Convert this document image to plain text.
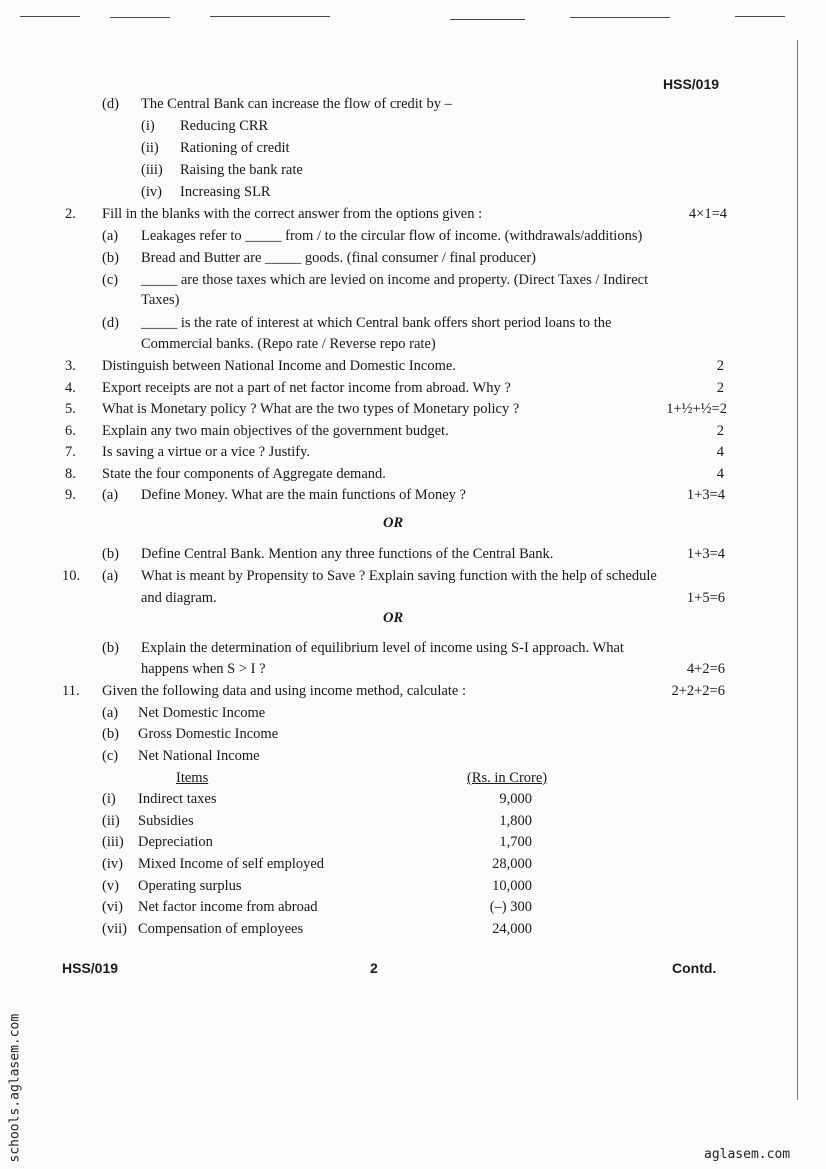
HSS/019
(d) The Central Bank can increase the flow of credit by –
(i) Reducing CRR
(ii) Rationing of credit
(iii) Raising the bank rate
(iv) Increasing SLR
2. Fill in the blanks with the correct answer from the options given :	4×1=4
(a) Leakages refer to _____ from / to the circular flow of income. (withdrawals/additions)
(b) Bread and Butter are _____ goods. (final consumer / final producer)
(c) _____ are those taxes which are levied on income and property. (Direct Taxes / Indirect
Taxes)
(d) _____ is the rate of interest at which Central bank offers short period loans to the
Commercial banks. (Repo rate / Reverse repo rate)
3. Distinguish between National Income and Domestic Income.	2
4. Export receipts are not a part of net factor income from abroad. Why ?	2
5. What is Monetary policy ? What are the two types of Monetary policy ?	1+½+½=2
6. Explain any two main objectives of the government budget.	2
7. Is saving a virtue or a vice ? Justify.	4
8. State the four components of Aggregate demand.	4
9. (a) Define Money. What are the main functions of Money ?	1+3=4
OR
(b) Define Central Bank. Mention any three functions of the Central Bank.	1+3=4
10. (a) What is meant by Propensity to Save ? Explain saving function with the help of schedule
and diagram.	1+5=6
OR
(b) Explain the determination of equilibrium level of income using S-I approach. What
happens when S > I ?	4+2=6
11. Given the following data and using income method, calculate :	2+2+2=6
(a) Net Domestic Income
(b) Gross Domestic Income
(c) Net National Income
Items	(Rs. in Crore)
(i) Indirect taxes	9,000
(ii) Subsidies	1,800
(iii) Depreciation	1,700
(iv) Mixed Income of self employed	28,000
(v) Operating surplus	10,000
(vi) Net factor income from abroad	(–) 300
(vii) Compensation of employees	24,000
HSS/019	2	Contd.
schools.aglasem.com	aglasem.com
